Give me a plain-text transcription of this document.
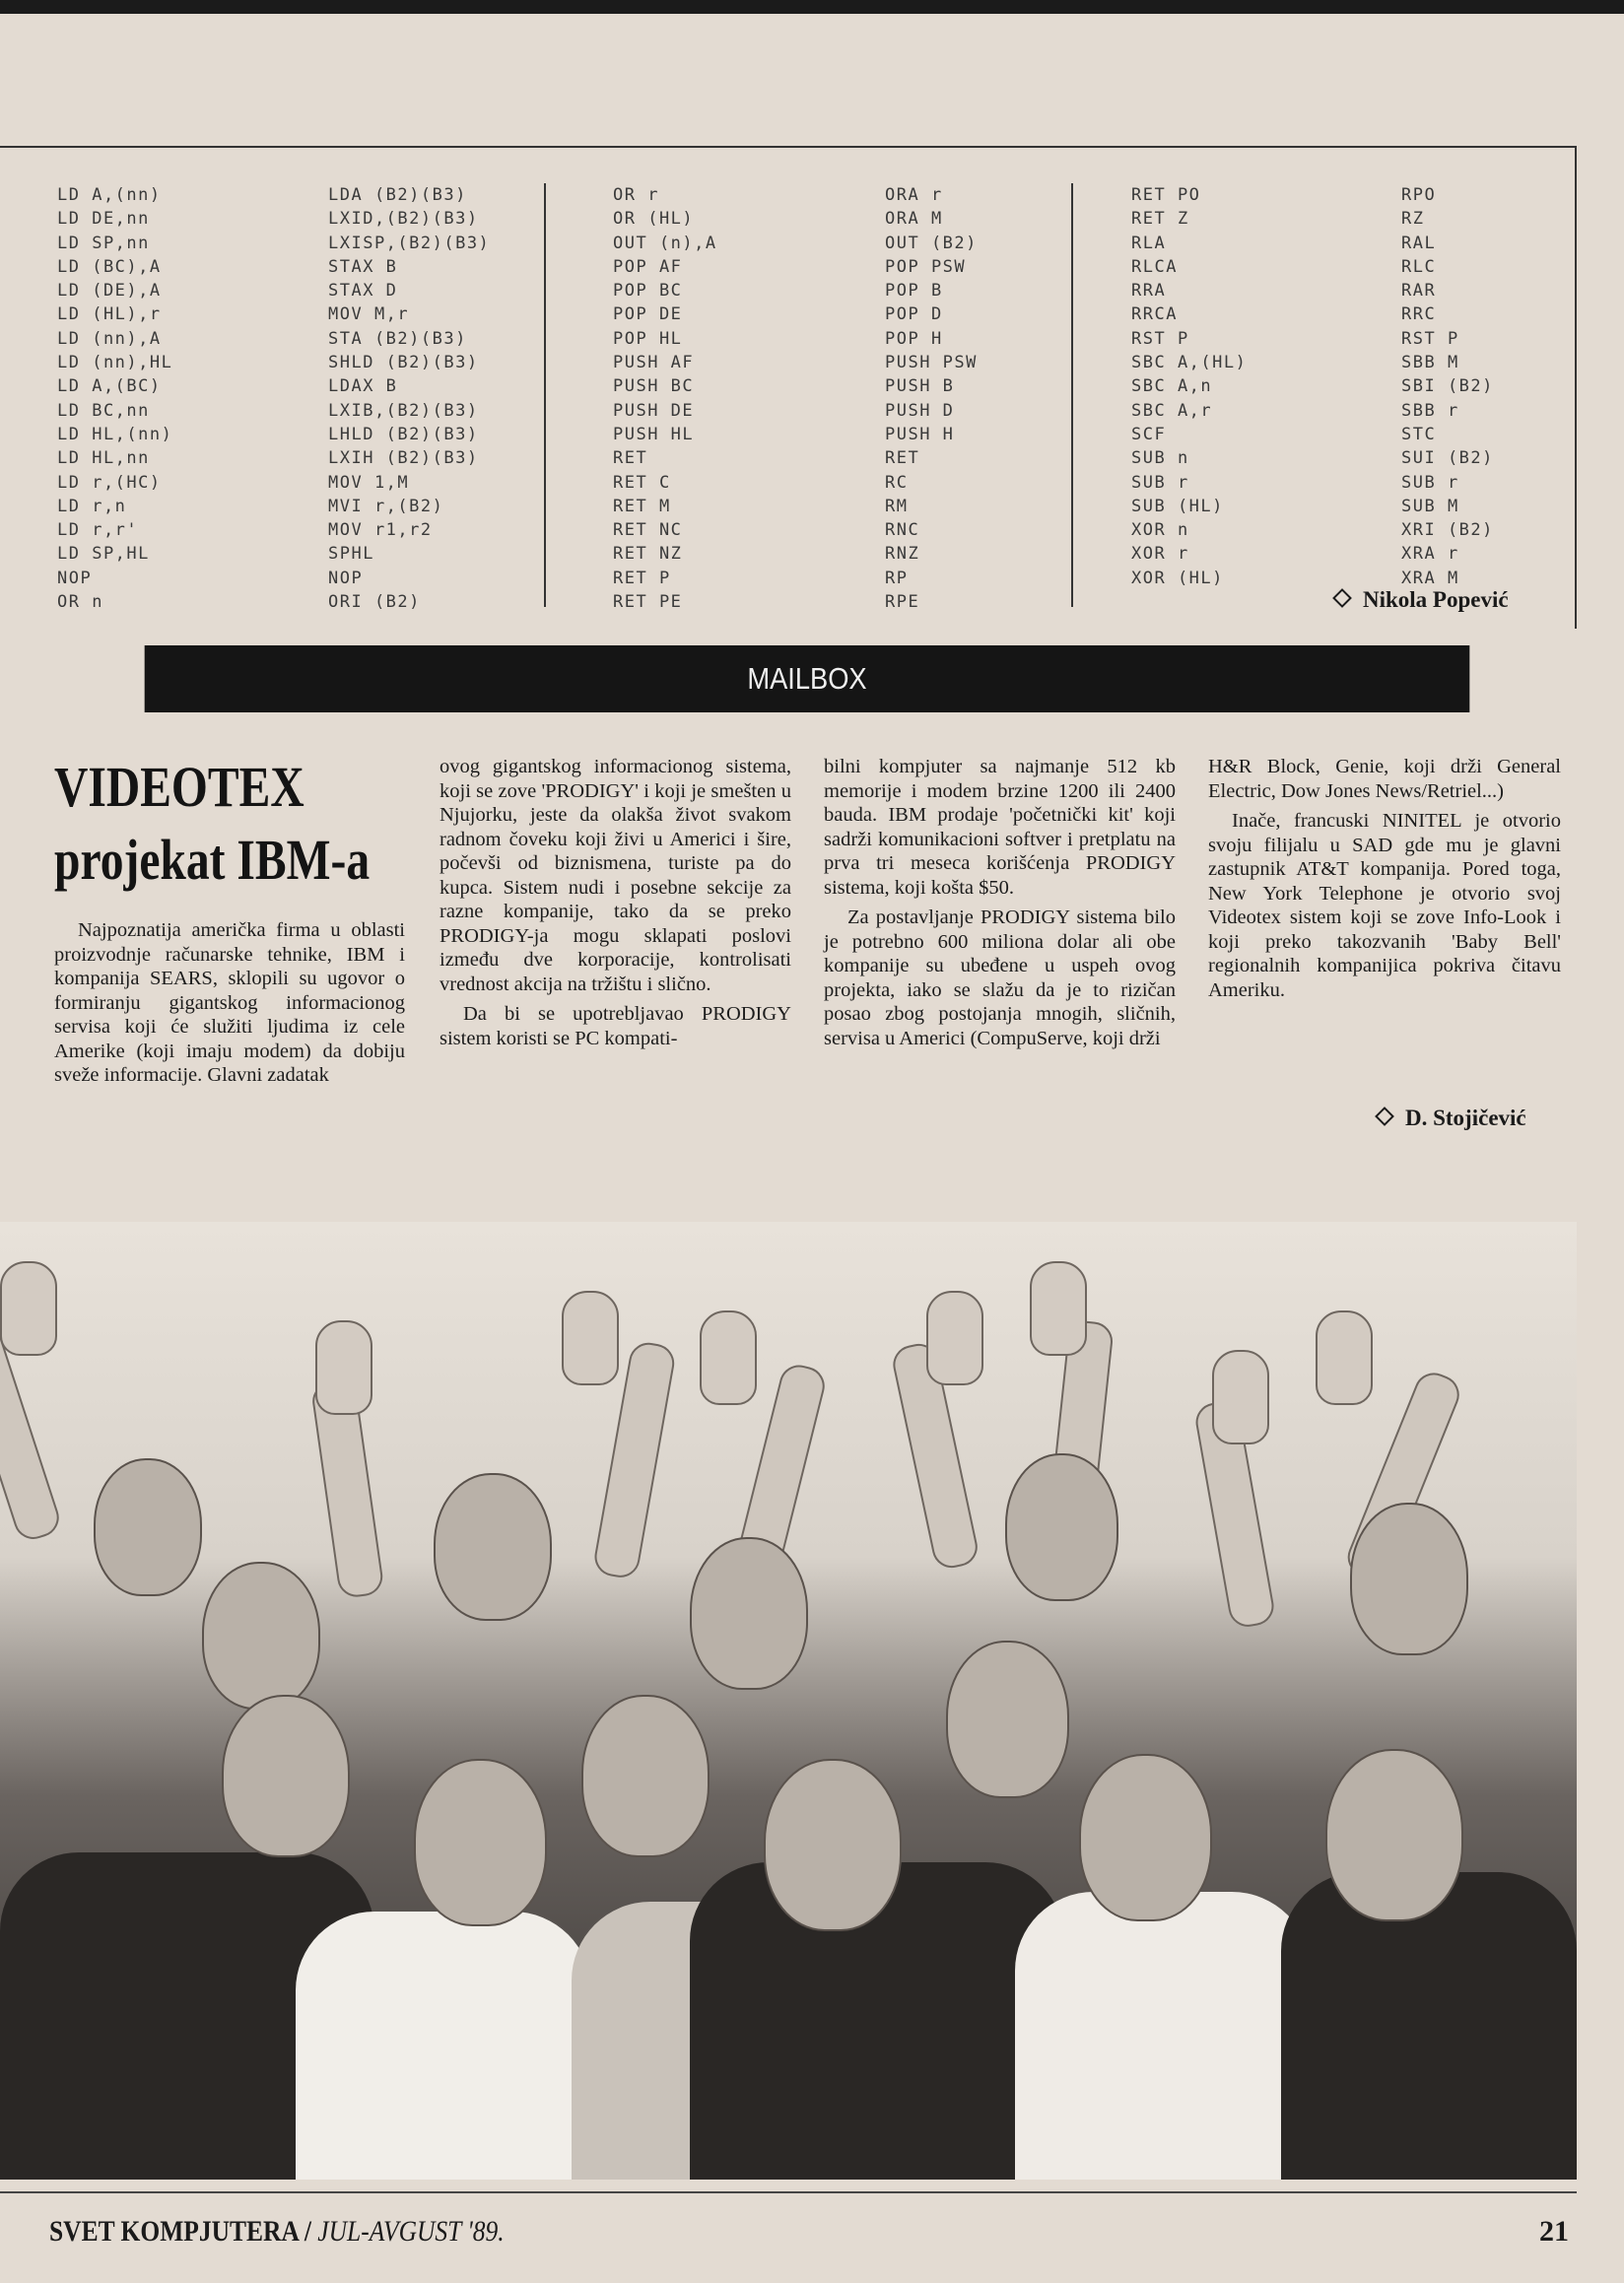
LD A,(nn)
LD DE,nn
LD SP,nn
LD (BC),A
LD (DE),A
LD (HL),r
LD (nn),A
LD (nn),HL
LD A,(BC)
LD BC,nn
LD HL,(nn)
LD HL,nn
LD r,(HC)
LD r,n
LD r,r'
LD SP,HL
NOP
OR n
LDA (B2)(B3)
LXID,(B2)(B3)
LXISP,(B2)(B3)
STAX B
STAX D
MOV M,r
STA (B2)(B3)
SHLD (B2)(B3)
LDAX B
LXIB,(B2)(B3)
LHLD (B2)(B3)
LXIH (B2)(B3)
MOV 1,M
MVI r,(B2)
MOV r1,r2
SPHL
NOP
ORI (B2)
OR r
OR (HL)
OUT (n),A
POP AF
POP BC
POP DE
POP HL
PUSH AF
PUSH BC
PUSH DE
PUSH HL
RET
RET C
RET M
RET NC
RET NZ
RET P
RET PE
ORA r
ORA M
OUT (B2)
POP PSW
POP B
POP D
POP H
PUSH PSW
PUSH B
PUSH D
PUSH H
RET
RC
RM
RNC
RNZ
RP
RPE
RET PO
RET Z
RLA
RLCA
RRA
RRCA
RST P
SBC A,(HL)
SBC A,n
SBC A,r
SCF
SUB n
SUB r
SUB (HL)
XOR n
XOR r
XOR (HL)
RPO
RZ
RAL
RLC
RAR
RRC
RST P
SBB M
SBI (B2)
SBB r
STC
SUI (B2)
SUB r
SUB M
XRI (B2)
XRA r
XRA M
Nikola Popević
MAILBOX
VIDEOTEX
projekat IBM-a

Najpoznatija američka firma u oblasti proizvodnje računarske tehnike, IBM i kompanija SEARS, sklopili su ugovor o formiranju gigantskog informacionog servisa koji će služiti ljudima iz cele Amerike (koji imaju modem) da dobiju sveže informacije. Glavni zadatak

ovog gigantskog informacionog sistema, koji se zove 'PRODIGY' i koji je smešten u Njujorku, jeste da olakša život svakom radnom čoveku koji živi u Americi i šire, počevši od biznismena, turiste pa do kupca. Sistem nudi i posebne sekcije za razne kompanije, tako da se preko PRODIGY-ja mogu sklapati poslovi između dve korporacije, kontrolisati vrednost akcija na tržištu i slično.

Da bi se upotrebljavao PRODIGY sistem koristi se PC kompati-

bilni kompjuter sa najmanje 512 kb memorije i modem brzine 1200 ili 2400 bauda. IBM prodaje 'početnički kit' koji sadrži komunikacioni softver i pretplatu na prva tri meseca korišćenja PRODIGY sistema, koji košta $50.

Za postavljanje PRODIGY sistema bilo je potrebno 600 miliona dolar ali obe kompanije su ubeđene u uspeh ovog projekta, iako se slažu da je to rizičan posao zbog postojanja mnogih, sličnih, servisa u Americi (CompuServe, koji drži

H&R Block, Genie, koji drži General Electric, Dow Jones News/Retriel...)

Inače, francuski NINITEL je otvorio svoju filijalu u SAD gde mu je glavni zastupnik AT&T kompanija. Pored toga, New York Telephone je otvorio svoj Videotex sistem koji se zove Info-Look i koji preko takozvanih 'Baby Bell' regionalnih kompanijica pokriva čitavu Ameriku.

D. Stojičević
SVET KOMPJUTERA / JUL-AVGUST '89.	21
